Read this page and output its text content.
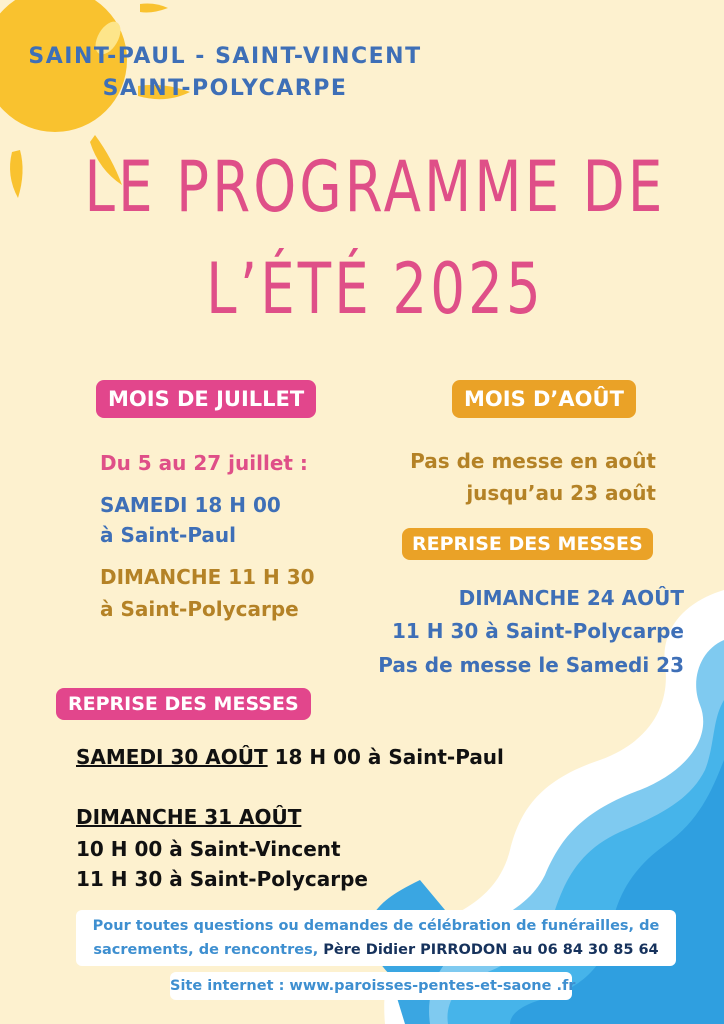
SAINT-PAUL - SAINT-VINCENT
SAINT-POLYCARPE
LE PROGRAMME DE
L’ÉTÉ 2025
MOIS DE JUILLET
Du 5 au 27 juillet :
SAMEDI 18 H 00
à Saint-Paul
DIMANCHE 11 H 30
à Saint-Polycarpe
MOIS D’AOÛT
Pas de messe en août
jusqu’au 23 août
REPRISE DES MESSES
DIMANCHE 24 AOÛT
11 H 30 à Saint-Polycarpe
Pas de messe le Samedi 23
REPRISE DES MESSES
SAMEDI 30 AOÛT 18 H 00 à Saint-Paul
DIMANCHE 31 AOÛT
10 H 00 à Saint-Vincent
11 H 30 à Saint-Polycarpe
Pour toutes questions ou demandes de célébration de funérailles, de
sacrements, de rencontres, Père Didier PIRRODON au 06 84 30 85 64
Site internet : www.paroisses-pentes-et-saone .fr
